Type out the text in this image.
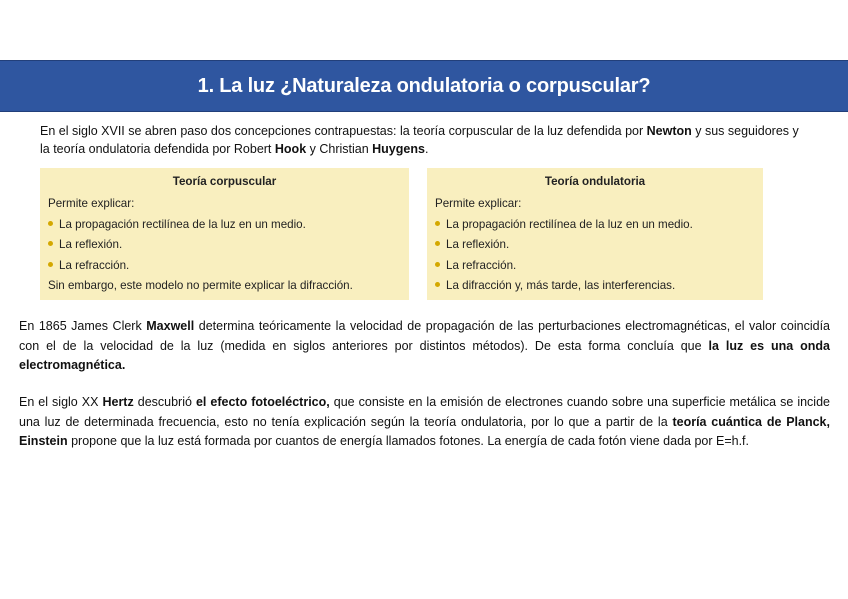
1. La luz ¿Naturaleza ondulatoria o corpuscular?
En el siglo XVII se abren paso dos concepciones contrapuestas: la teoría corpuscular de la luz defendida por Newton y sus seguidores y la teoría ondulatoria defendida por Robert Hook y Christian Huygens.
Teoría corpuscular
Permite explicar:
La propagación rectilínea de la luz en un medio.
La reflexión.
La refracción.
Sin embargo, este modelo no permite explicar la difracción.
Teoría ondulatoria
Permite explicar:
La propagación rectilínea de la luz en un medio.
La reflexión.
La refracción.
La difracción y, más tarde, las interferencias.
En 1865 James Clerk Maxwell determina teóricamente la velocidad de propagación de las perturbaciones electromagnéticas, el valor coincidía con el de la velocidad de la luz (medida en siglos anteriores por distintos métodos). De esta forma concluía que la luz es una onda electromagnética.
En el siglo XX Hertz descubrió el efecto fotoeléctrico, que consiste en la emisión de electrones cuando sobre una superficie metálica se incide una luz de determinada frecuencia, esto no tenía explicación según la teoría ondulatoria, por lo que a partir de la teoría cuántica de Planck, Einstein propone que la luz está formada por cuantos de energía llamados fotones. La energía de cada fotón viene dada por E=h.f.
